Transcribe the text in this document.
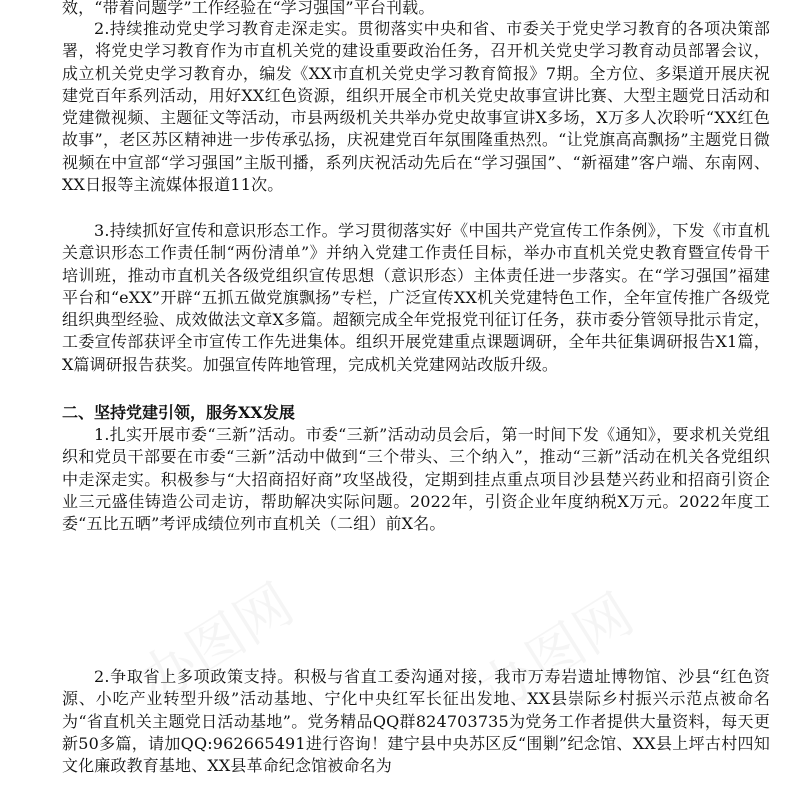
办图网	办图网

效，“带着问题学”工作经验在“学习强国”平台刊载。

2.持续推动党史学习教育走深走实。贯彻落实中央和省、市委关于党史学习教育的各项决策部署，将党史学习教育作为市直机关党的建设重要政治任务，召开机关党史学习教育动员部署会议，成立机关党史学习教育办，编发《XX市直机关党史学习教育简报》7期。全方位、多渠道开展庆祝建党百年系列活动，用好XX红色资源，组织开展全市机关党史故事宣讲比赛、大型主题党日活动和党建微视频、主题征文等活动，市县两级机关共举办党史故事宣讲X多场，X万多人次聆听“XX红色故事”，老区苏区精神进一步传承弘扬，庆祝建党百年氛围隆重热烈。“让党旗高高飘扬”主题党日微视频在中宣部“学习强国”主版刊播，系列庆祝活动先后在“学习强国”、“新福建”客户端、东南网、XX日报等主流媒体报道11次。

3.持续抓好宣传和意识形态工作。学习贯彻落实好《中国共产党宣传工作条例》，下发《市直机关意识形态工作责任制“两份清单”》并纳入党建工作责任目标，举办市直机关党史教育暨宣传骨干培训班，推动市直机关各级党组织宣传思想（意识形态）主体责任进一步落实。在“学习强国”福建平台和“eXX”开辟“五抓五做党旗飘扬”专栏，广泛宣传XX机关党建特色工作，全年宣传推广各级党组织典型经验、成效做法文章X多篇。超额完成全年党报党刊征订任务，获市委分管领导批示肯定，工委宣传部获评全市宣传工作先进集体。组织开展党建重点课题调研，全年共征集调研报告X1篇，X篇调研报告获奖。加强宣传阵地管理，完成机关党建网站改版升级。

二、坚持党建引领，服务XX发展

1.扎实开展市委“三新”活动。市委“三新”活动动员会后，第一时间下发《通知》，要求机关党组织和党员干部要在市委“三新”活动中做到“三个带头、三个纳入”，推动“三新”活动在机关各党组织中走深走实。积极参与“大招商招好商”攻坚战役，定期到挂点重点项目沙县楚兴药业和招商引资企业三元盛佳铸造公司走访，帮助解决实际问题。2022年，引资企业年度纳税X万元。2022年度工委“五比五晒”考评成绩位列市直机关（二组）前X名。

2.争取省上多项政策支持。积极与省直工委沟通对接，我市万寿岩遗址博物馆、沙县“红色资源、小吃产业转型升级”活动基地、宁化中央红军长征出发地、XX县崇际乡村振兴示范点被命名为“省直机关主题党日活动基地”。党务精品QQ群824703735为党务工作者提供大量资料，每天更新50多篇，请加QQ:962665491进行咨询！建宁县中央苏区反“围剿”纪念馆、XX县上坪古村四知文化廉政教育基地、XX县革命纪念馆被命名为
